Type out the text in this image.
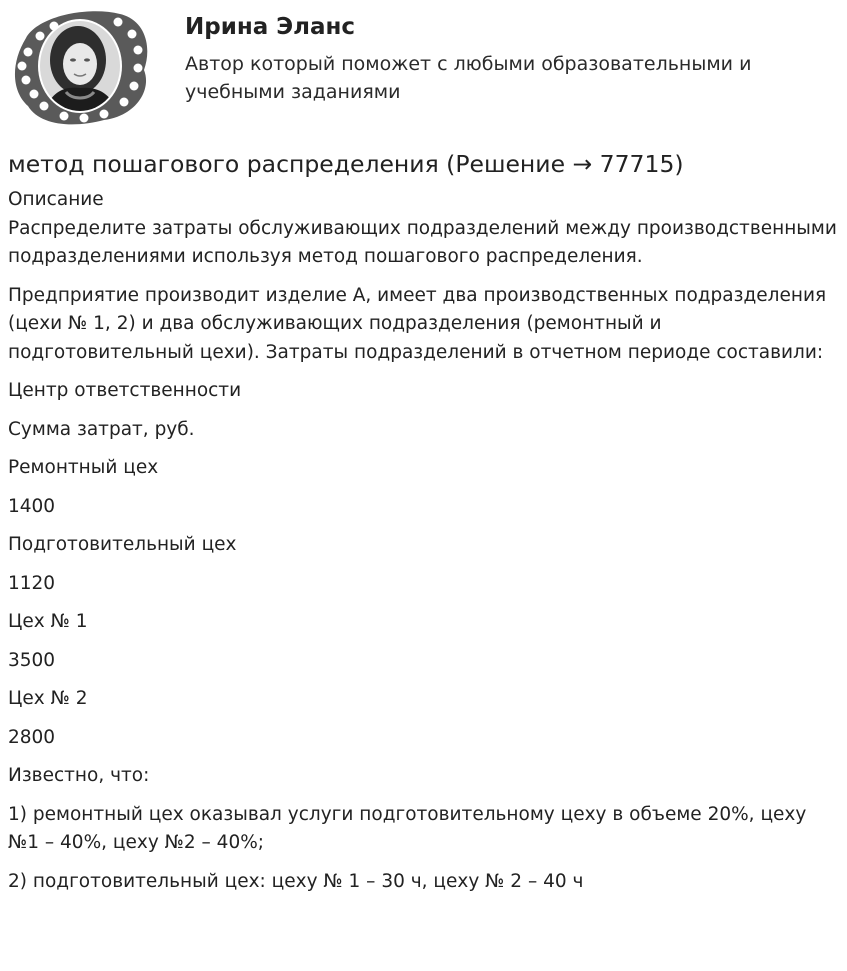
Ирина Эланс
Автор который поможет с любыми образовательными и учебными заданиями
метод пошагового распределения (Решение → 77715)
Описание

Распределите затраты обслуживающих подразделений между производственными подразделениями используя метод пошагового распределения.

Предприятие производит изделие А, имеет два производственных подразделения (цехи № 1, 2) и два обслуживающих подразделения (ремонтный и подготовительный цехи). Затраты подразделений в отчетном периоде составили:

Центр ответственности

Сумма затрат, руб.

Ремонтный цех

1400

Подготовительный цех

1120

Цех № 1

3500

Цех № 2

2800

Известно, что:

1) ремонтный цех оказывал услуги подготовительному цеху в объеме 20%, цеху №1 – 40%, цеху №2 – 40%;

2) подготовительный цех: цеху № 1 – 30 ч, цеху № 2 – 40 ч
